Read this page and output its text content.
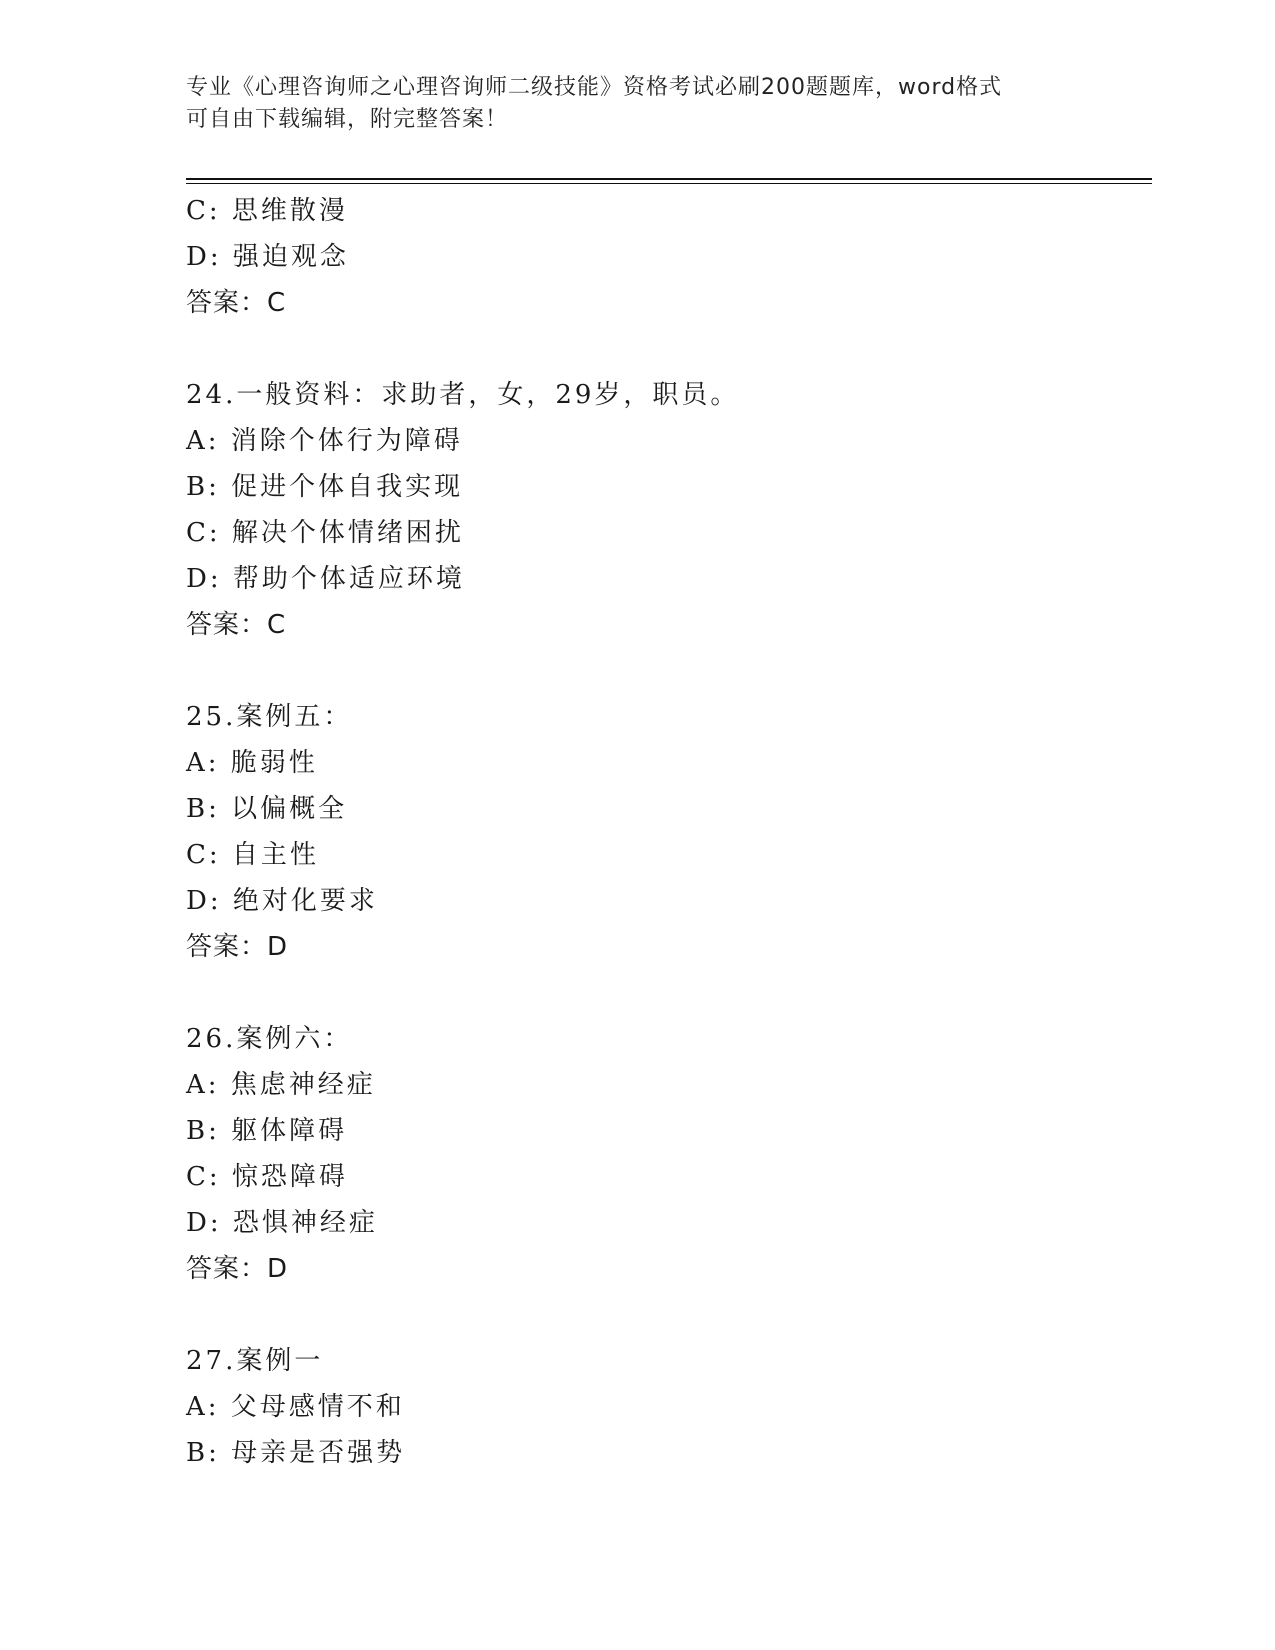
专业《心理咨询师之心理咨询师二级技能》资格考试必刷200题题库，word格式
可自由下载编辑，附完整答案！
C: 思维散漫
D: 强迫观念
答案：C
24.一般资料：求助者，女，29岁，职员。
A: 消除个体行为障碍
B: 促进个体自我实现
C: 解决个体情绪困扰
D: 帮助个体适应环境
答案：C
25.案例五：
A: 脆弱性
B: 以偏概全
C: 自主性
D: 绝对化要求
答案：D
26.案例六：
A: 焦虑神经症
B: 躯体障碍
C: 惊恐障碍
D: 恐惧神经症
答案：D
27.案例一
A: 父母感情不和
B: 母亲是否强势
